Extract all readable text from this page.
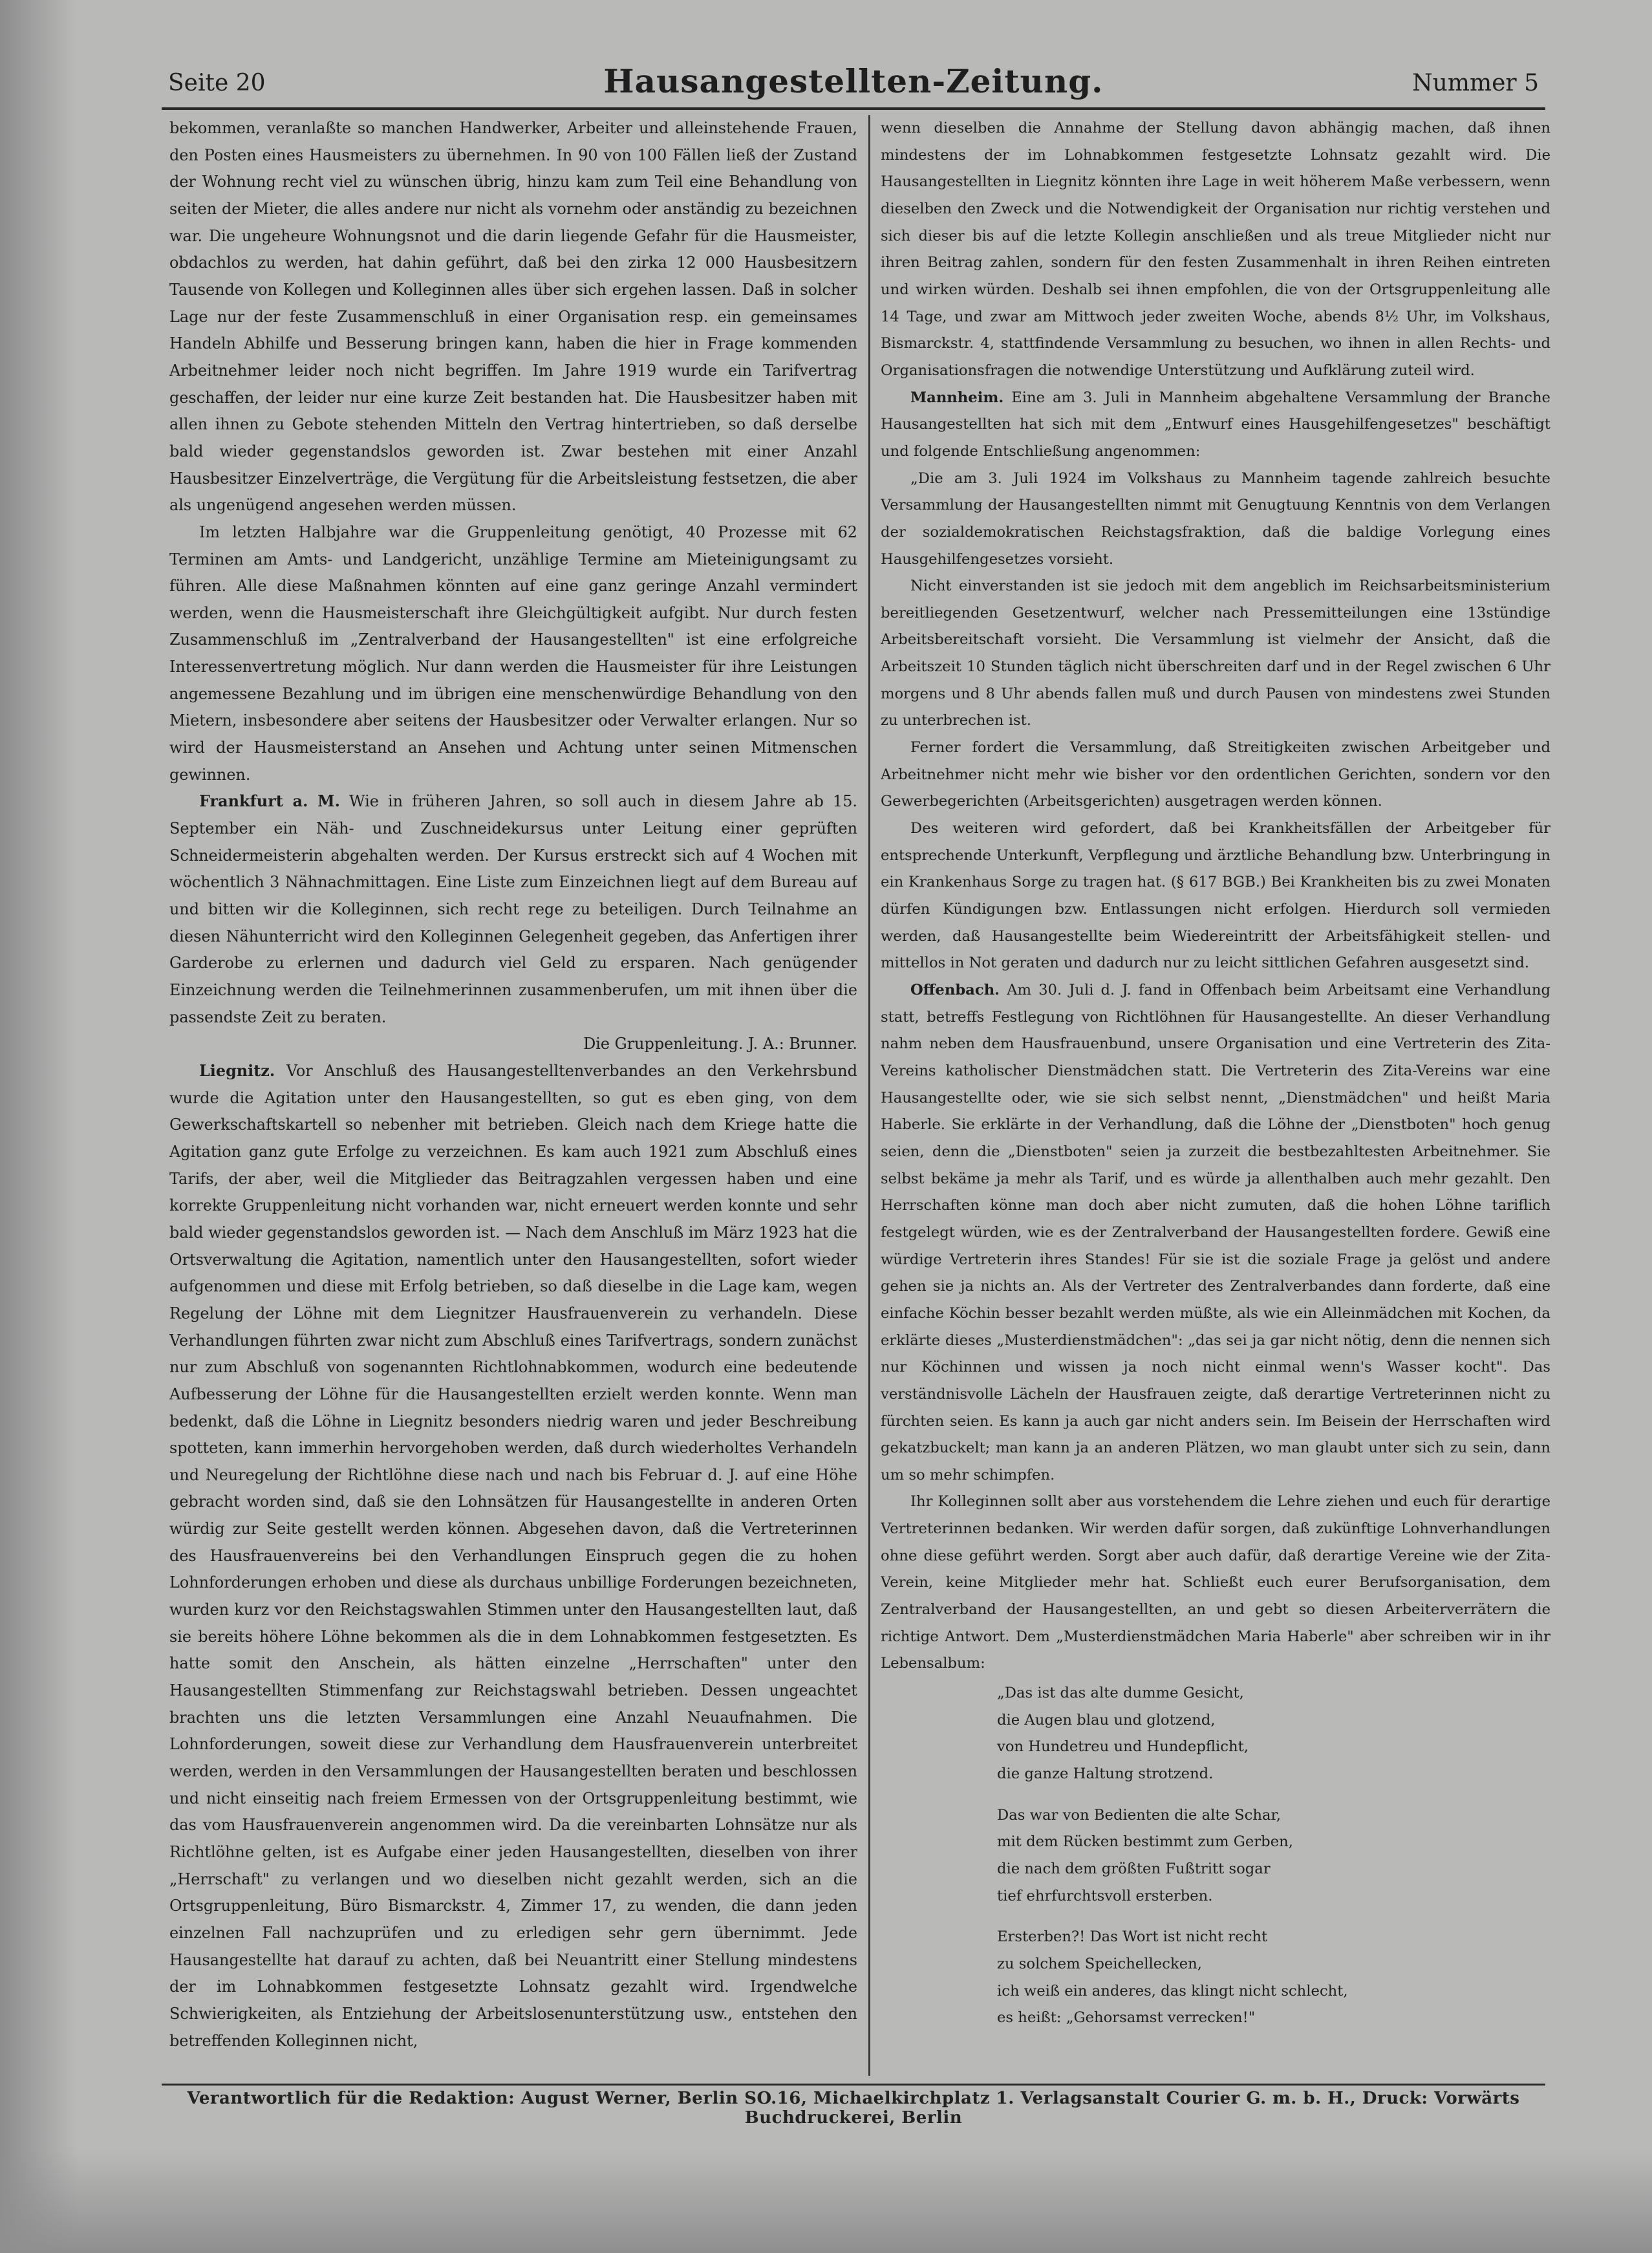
Seite 20	Hausangestellten-Zeitung.	Nummer 5

bekommen, veranlaßte so manchen Handwerker, Arbeiter und alleinstehende Frauen, den Posten eines Hausmeisters zu übernehmen. In 90 von 100 Fällen ließ der Zustand der Wohnung recht viel zu wünschen übrig, hinzu kam zum Teil eine Behandlung von seiten der Mieter, die alles andere nur nicht als vornehm oder anständig zu bezeichnen war. Die ungeheure Wohnungsnot und die darin liegende Gefahr für die Hausmeister, obdachlos zu werden, hat dahin geführt, daß bei den zirka 12 000 Hausbesitzern Tausende von Kollegen und Kolleginnen alles über sich ergehen lassen. Daß in solcher Lage nur der feste Zusammenschluß in einer Organisation resp. ein gemeinsames Handeln Abhilfe und Besserung bringen kann, haben die hier in Frage kommenden Arbeitnehmer leider noch nicht begriffen. Im Jahre 1919 wurde ein Tarifvertrag geschaffen, der leider nur eine kurze Zeit bestanden hat. Die Hausbesitzer haben mit allen ihnen zu Gebote stehenden Mitteln den Vertrag hintertrieben, so daß derselbe bald wieder gegenstandslos geworden ist. Zwar bestehen mit einer Anzahl Hausbesitzer Einzelverträge, die Vergütung für die Arbeitsleistung festsetzen, die aber als ungenügend angesehen werden müssen.

Im letzten Halbjahre war die Gruppenleitung genötigt, 40 Prozesse mit 62 Terminen am Amts- und Landgericht, unzählige Termine am Mieteinigungsamt zu führen. Alle diese Maßnahmen könnten auf eine ganz geringe Anzahl vermindert werden, wenn die Hausmeisterschaft ihre Gleichgültigkeit aufgibt. Nur durch festen Zusammenschluß im „Zentralverband der Hausangestellten" ist eine erfolgreiche Interessenvertretung möglich. Nur dann werden die Hausmeister für ihre Leistungen angemessene Bezahlung und im übrigen eine menschenwürdige Behandlung von den Mietern, insbesondere aber seitens der Hausbesitzer oder Verwalter erlangen. Nur so wird der Hausmeisterstand an Ansehen und Achtung unter seinen Mitmenschen gewinnen.

Frankfurt a. M. Wie in früheren Jahren, so soll auch in diesem Jahre ab 15. September ein Näh- und Zuschneidekursus unter Leitung einer geprüften Schneidermeisterin abgehalten werden. Der Kursus erstreckt sich auf 4 Wochen mit wöchentlich 3 Nähnachmittagen. Eine Liste zum Einzeichnen liegt auf dem Bureau auf und bitten wir die Kolleginnen, sich recht rege zu beteiligen. Durch Teilnahme an diesen Nähunterricht wird den Kolleginnen Gelegenheit gegeben, das Anfertigen ihrer Garderobe zu erlernen und dadurch viel Geld zu ersparen. Nach genügender Einzeichnung werden die Teilnehmerinnen zusammenberufen, um mit ihnen über die passendste Zeit zu beraten.

Die Gruppenleitung. J. A.: Brunner.

Liegnitz. Vor Anschluß des Hausangestelltenverbandes an den Verkehrsbund wurde die Agitation unter den Hausangestellten, so gut es eben ging, von dem Gewerkschaftskartell so nebenher mit betrieben. Gleich nach dem Kriege hatte die Agitation ganz gute Erfolge zu verzeichnen. Es kam auch 1921 zum Abschluß eines Tarifs, der aber, weil die Mitglieder das Beitragzahlen vergessen haben und eine korrekte Gruppenleitung nicht vorhanden war, nicht erneuert werden konnte und sehr bald wieder gegenstandslos geworden ist. — Nach dem Anschluß im März 1923 hat die Ortsverwaltung die Agitation, namentlich unter den Hausangestellten, sofort wieder aufgenommen und diese mit Erfolg betrieben, so daß dieselbe in die Lage kam, wegen Regelung der Löhne mit dem Liegnitzer Hausfrauenverein zu verhandeln. Diese Verhandlungen führten zwar nicht zum Abschluß eines Tarifvertrags, sondern zunächst nur zum Abschluß von sogenannten Richtlohnabkommen, wodurch eine bedeutende Aufbesserung der Löhne für die Hausangestellten erzielt werden konnte. Wenn man bedenkt, daß die Löhne in Liegnitz besonders niedrig waren und jeder Beschreibung spotteten, kann immerhin hervorgehoben werden, daß durch wiederholtes Verhandeln und Neuregelung der Richtlöhne diese nach und nach bis Februar d. J. auf eine Höhe gebracht worden sind, daß sie den Lohnsätzen für Hausangestellte in anderen Orten würdig zur Seite gestellt werden können. Abgesehen davon, daß die Vertreterinnen des Hausfrauenvereins bei den Verhandlungen Einspruch gegen die zu hohen Lohnforderungen erhoben und diese als durchaus unbillige Forderungen bezeichneten, wurden kurz vor den Reichstagswahlen Stimmen unter den Hausangestellten laut, daß sie bereits höhere Löhne bekommen als die in dem Lohnabkommen festgesetzten. Es hatte somit den Anschein, als hätten einzelne „Herrschaften" unter den Hausangestellten Stimmenfang zur Reichstagswahl betrieben. Dessen ungeachtet brachten uns die letzten Versammlungen eine Anzahl Neuaufnahmen. Die Lohnforderungen, soweit diese zur Verhandlung dem Hausfrauenverein unterbreitet werden, werden in den Versammlungen der Hausangestellten beraten und beschlossen und nicht einseitig nach freiem Ermessen von der Ortsgruppenleitung bestimmt, wie das vom Hausfrauenverein angenommen wird. Da die vereinbarten Lohnsätze nur als Richtlöhne gelten, ist es Aufgabe einer jeden Hausangestellten, dieselben von ihrer „Herrschaft" zu verlangen und wo dieselben nicht gezahlt werden, sich an die Ortsgruppenleitung, Büro Bismarckstr. 4, Zimmer 17, zu wenden, die dann jeden einzelnen Fall nachzuprüfen und zu erledigen sehr gern übernimmt. Jede Hausangestellte hat darauf zu achten, daß bei Neuantritt einer Stellung mindestens der im Lohnabkommen festgesetzte Lohnsatz gezahlt wird. Irgendwelche Schwierigkeiten, als Entziehung der Arbeitslosenunterstützung usw., entstehen den betreffenden Kolleginnen nicht,

wenn dieselben die Annahme der Stellung davon abhängig machen, daß ihnen mindestens der im Lohnabkommen festgesetzte Lohnsatz gezahlt wird. Die Hausangestellten in Liegnitz könnten ihre Lage in weit höherem Maße verbessern, wenn dieselben den Zweck und die Notwendigkeit der Organisation nur richtig verstehen und sich dieser bis auf die letzte Kollegin anschließen und als treue Mitglieder nicht nur ihren Beitrag zahlen, sondern für den festen Zusammenhalt in ihren Reihen eintreten und wirken würden. Deshalb sei ihnen empfohlen, die von der Ortsgruppenleitung alle 14 Tage, und zwar am Mittwoch jeder zweiten Woche, abends 8½ Uhr, im Volkshaus, Bismarckstr. 4, stattfindende Versammlung zu besuchen, wo ihnen in allen Rechts- und Organisationsfragen die notwendige Unterstützung und Aufklärung zuteil wird.

Mannheim. Eine am 3. Juli in Mannheim abgehaltene Versammlung der Branche Hausangestellten hat sich mit dem „Entwurf eines Hausgehilfengesetzes" beschäftigt und folgende Entschließung angenommen:

„Die am 3. Juli 1924 im Volkshaus zu Mannheim tagende zahlreich besuchte Versammlung der Hausangestellten nimmt mit Genugtuung Kenntnis von dem Verlangen der sozialdemokratischen Reichstagsfraktion, daß die baldige Vorlegung eines Hausgehilfengesetzes vorsieht.

Nicht einverstanden ist sie jedoch mit dem angeblich im Reichsarbeitsministerium bereitliegenden Gesetzentwurf, welcher nach Pressemitteilungen eine 13stündige Arbeitsbereitschaft vorsieht. Die Versammlung ist vielmehr der Ansicht, daß die Arbeitszeit 10 Stunden täglich nicht überschreiten darf und in der Regel zwischen 6 Uhr morgens und 8 Uhr abends fallen muß und durch Pausen von mindestens zwei Stunden zu unterbrechen ist.

Ferner fordert die Versammlung, daß Streitigkeiten zwischen Arbeitgeber und Arbeitnehmer nicht mehr wie bisher vor den ordentlichen Gerichten, sondern vor den Gewerbegerichten (Arbeitsgerichten) ausgetragen werden können.

Des weiteren wird gefordert, daß bei Krankheitsfällen der Arbeitgeber für entsprechende Unterkunft, Verpflegung und ärztliche Behandlung bzw. Unterbringung in ein Krankenhaus Sorge zu tragen hat. (§ 617 BGB.) Bei Krankheiten bis zu zwei Monaten dürfen Kündigungen bzw. Entlassungen nicht erfolgen. Hierdurch soll vermieden werden, daß Hausangestellte beim Wiedereintritt der Arbeitsfähigkeit stellen- und mittellos in Not geraten und dadurch nur zu leicht sittlichen Gefahren ausgesetzt sind.

Offenbach. Am 30. Juli d. J. fand in Offenbach beim Arbeitsamt eine Verhandlung statt, betreffs Festlegung von Richtlöhnen für Hausangestellte. An dieser Verhandlung nahm neben dem Hausfrauenbund, unsere Organisation und eine Vertreterin des Zita-Vereins katholischer Dienstmädchen statt. Die Vertreterin des Zita-Vereins war eine Hausangestellte oder, wie sie sich selbst nennt, „Dienstmädchen" und heißt Maria Haberle. Sie erklärte in der Verhandlung, daß die Löhne der „Dienstboten" hoch genug seien, denn die „Dienstboten" seien ja zurzeit die bestbezahltesten Arbeitnehmer. Sie selbst bekäme ja mehr als Tarif, und es würde ja allenthalben auch mehr gezahlt. Den Herrschaften könne man doch aber nicht zumuten, daß die hohen Löhne tariflich festgelegt würden, wie es der Zentralverband der Hausangestellten fordere. Gewiß eine würdige Vertreterin ihres Standes! Für sie ist die soziale Frage ja gelöst und andere gehen sie ja nichts an. Als der Vertreter des Zentralverbandes dann forderte, daß eine einfache Köchin besser bezahlt werden müßte, als wie ein Alleinmädchen mit Kochen, da erklärte dieses „Musterdienstmädchen": „das sei ja gar nicht nötig, denn die nennen sich nur Köchinnen und wissen ja noch nicht einmal wenn's Wasser kocht". Das verständnisvolle Lächeln der Hausfrauen zeigte, daß derartige Vertreterinnen nicht zu fürchten seien. Es kann ja auch gar nicht anders sein. Im Beisein der Herrschaften wird gekatzbuckelt; man kann ja an anderen Plätzen, wo man glaubt unter sich zu sein, dann um so mehr schimpfen.

Ihr Kolleginnen sollt aber aus vorstehendem die Lehre ziehen und euch für derartige Vertreterinnen bedanken. Wir werden dafür sorgen, daß zukünftige Lohnverhandlungen ohne diese geführt werden. Sorgt aber auch dafür, daß derartige Vereine wie der Zita-Verein, keine Mitglieder mehr hat. Schließt euch eurer Berufsorganisation, dem Zentralverband der Hausangestellten, an und gebt so diesen Arbeiterverrätern die richtige Antwort. Dem „Musterdienstmädchen Maria Haberle" aber schreiben wir in ihr Lebensalbum:

„Das ist das alte dumme Gesicht,
die Augen blau und glotzend,
von Hundetreu und Hundepflicht,
die ganze Haltung strotzend.
Das war von Bedienten die alte Schar,
mit dem Rücken bestimmt zum Gerben,
die nach dem größten Fußtritt sogar
tief ehrfurchtsvoll ersterben.
Ersterben?! Das Wort ist nicht recht
zu solchem Speichellecken,
ich weiß ein anderes, das klingt nicht schlecht,
es heißt: „Gehorsamst verrecken!"
Verantwortlich für die Redaktion: August Werner, Berlin SO.16, Michaelkirchplatz 1. Verlagsanstalt Courier G. m. b. H., Druck: Vorwärts Buchdruckerei, Berlin
